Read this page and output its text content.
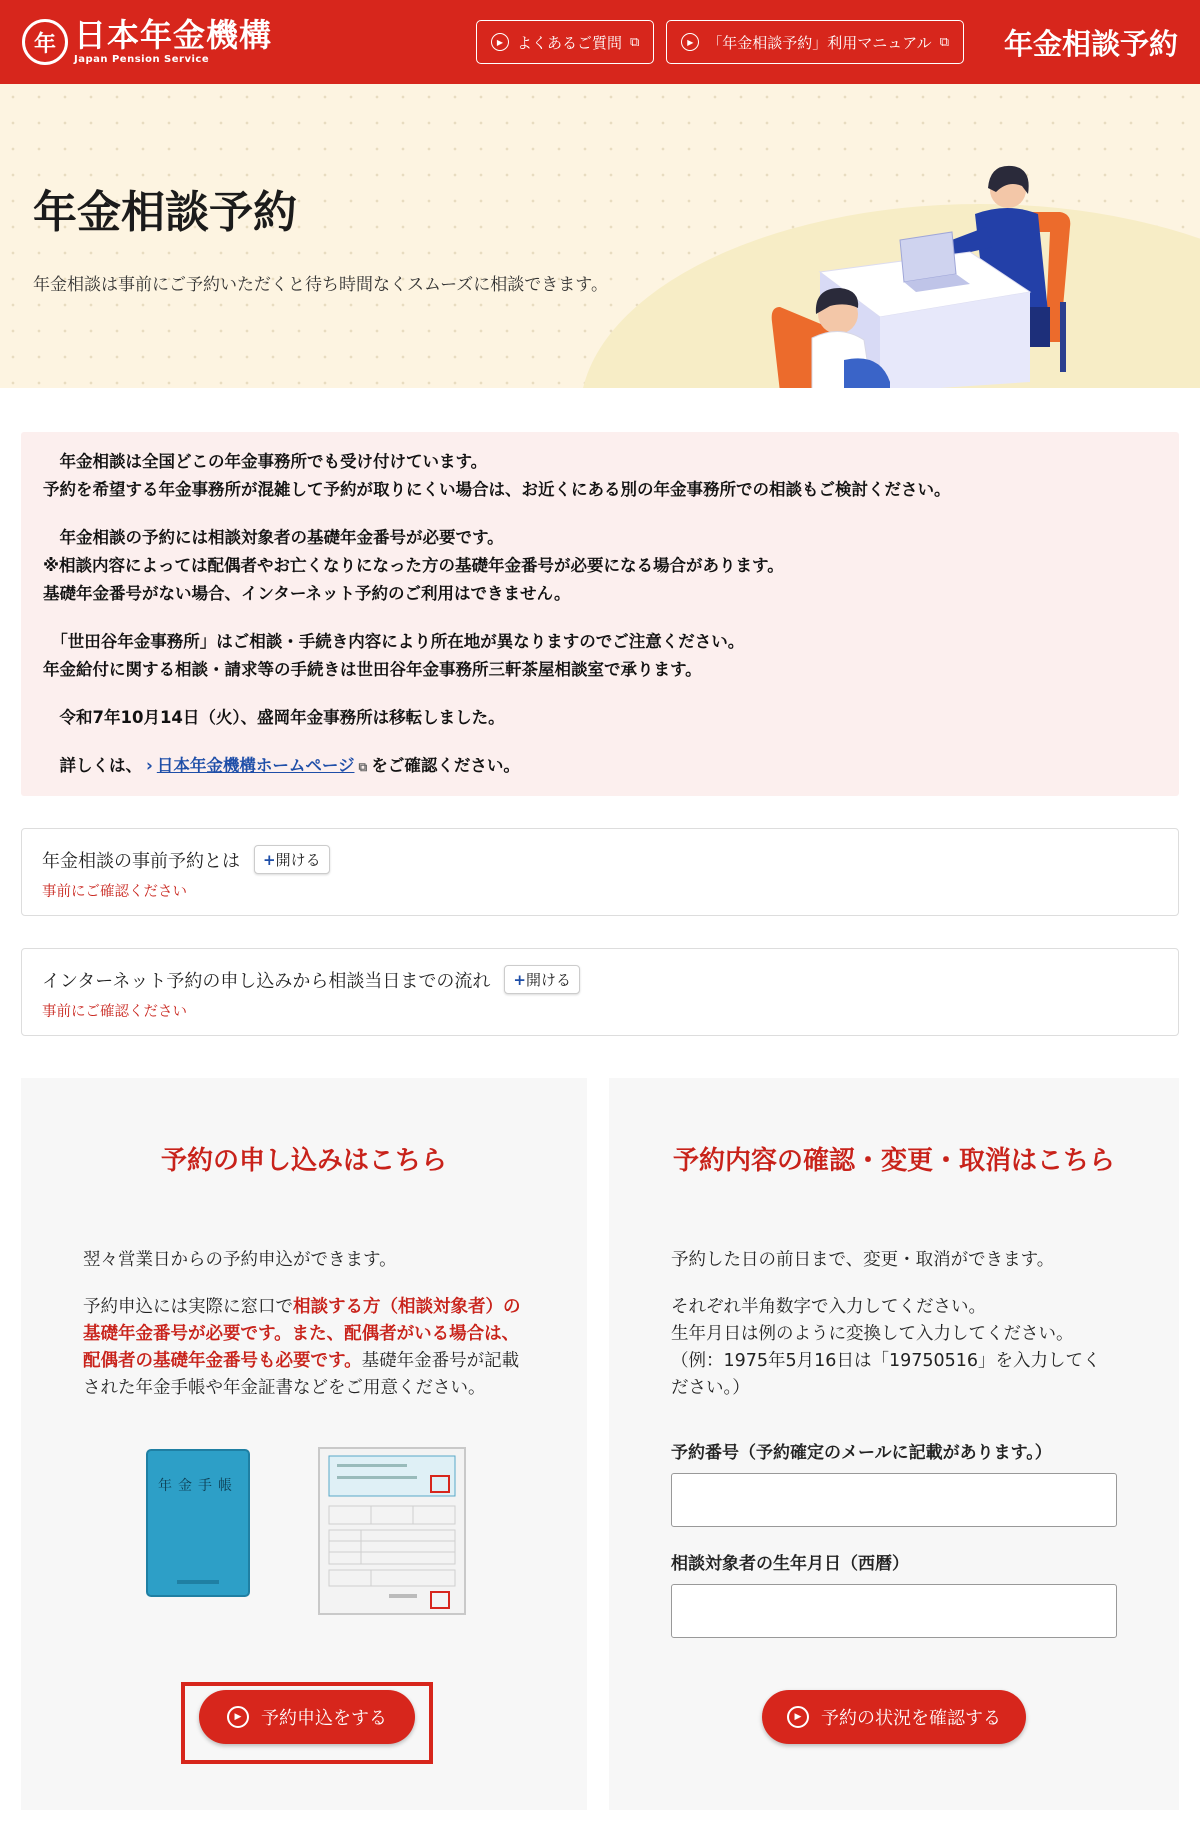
年 日本年金機構
Japan Pension Service
▶ よくあるご質問 ⧉	▶ 「年金相談予約」利用マニュアル ⧉ 年金相談予約
年金相談予約

年金相談は事前にご予約いただくと待ち時間なくスムーズに相談できます。

　年金相談は全国どこの年金事務所でも受け付けています。

予約を希望する年金事務所が混雑して予約が取りにくい場合は、お近くにある別の年金事務所での相談もご検討ください。

　年金相談の予約には相談対象者の基礎年金番号が必要です。

※相談内容によっては配偶者やお亡くなりになった方の基礎年金番号が必要になる場合があります。

基礎年金番号がない場合、インターネット予約のご利用はできません。

　「世田谷年金事務所」はご相談・手続き内容により所在地が異なりますのでご注意ください。

年金給付に関する相談・請求等の手続きは世田谷年金事務所三軒茶屋相談室で承ります。

　令和7年10月14日（火）、盛岡年金事務所は移転しました。

　詳しくは、 › 日本年金機構ホームページ ⧉ をご確認ください。

年金相談の事前予約とは	+開ける
事前にご確認ください
インターネット予約の申し込みから相談当日までの流れ	+開ける
事前にご確認ください
予約の申し込みはこちら

翌々営業日からの予約申込ができます。

予約申込には実際に窓口で相談する方（相談対象者）の基礎年金番号が必要です。また、配偶者がいる場合は、配偶者の基礎年金番号も必要です。基礎年金番号が記載された年金手帳や年金証書などをご用意ください。

年金手帳
▶	予約申込をする
予約内容の確認・変更・取消はこちら

予約した日の前日まで、変更・取消ができます。

それぞれ半角数字で入力してください。
生年月日は例のように変換して入力してください。
（例：1975年5月16日は「19750516」を入力してください。）

予約番号（予約確定のメールに記載があります。）
相談対象者の生年月日（西暦）
▶	予約の状況を確認する
